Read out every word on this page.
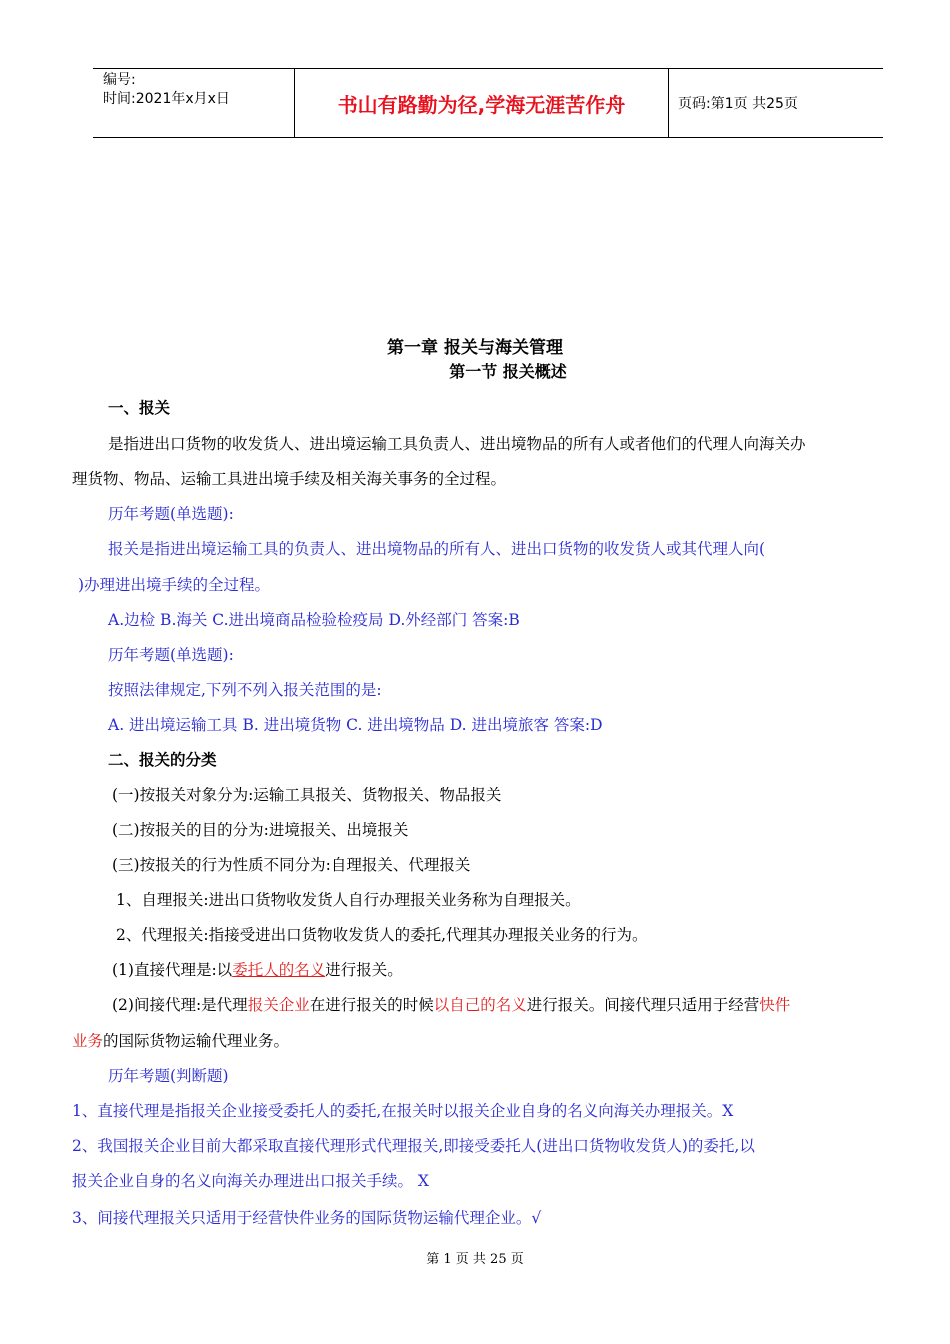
编号:
时间:2021年x月x日	书山有路勤为径,学海无涯苦作舟	页码:第1页 共25页
第一章 报关与海关管理
第一节 报关概述
一、报关
是指进出口货物的收发货人、进出境运输工具负责人、进出境物品的所有人或者他们的代理人向海关办
理货物、物品、运输工具进出境手续及相关海关事务的全过程。
历年考题(单选题):
报关是指进出境运输工具的负责人、进出境物品的所有人、进出口货物的收发货人或其代理人向(
)办理进出境手续的全过程。
A.边检 B.海关 C.进出境商品检验检疫局 D.外经部门 答案:B
历年考题(单选题):
按照法律规定,下列不列入报关范围的是:
A. 进出境运输工具 B. 进出境货物 C. 进出境物品 D. 进出境旅客 答案:D
二、报关的分类
(一)按报关对象分为:运输工具报关、货物报关、物品报关
(二)按报关的目的分为:进境报关、出境报关
(三)按报关的行为性质不同分为:自理报关、代理报关
1、自理报关:进出口货物收发货人自行办理报关业务称为自理报关。
2、代理报关:指接受进出口货物收发货人的委托,代理其办理报关业务的行为。
(1)直接代理是:以委托人的名义进行报关。
(2)间接代理:是代理报关企业在进行报关的时候以自己的名义进行报关。间接代理只适用于经营快件
业务的国际货物运输代理业务。
历年考题(判断题)
1、直接代理是指报关企业接受委托人的委托,在报关时以报关企业自身的名义向海关办理报关。X
2、我国报关企业目前大都采取直接代理形式代理报关,即接受委托人(进出口货物收发货人)的委托,以
报关企业自身的名义向海关办理进出口报关手续。 X
3、间接代理报关只适用于经营快件业务的国际货物运输代理企业。√
第 1 页 共 25 页
